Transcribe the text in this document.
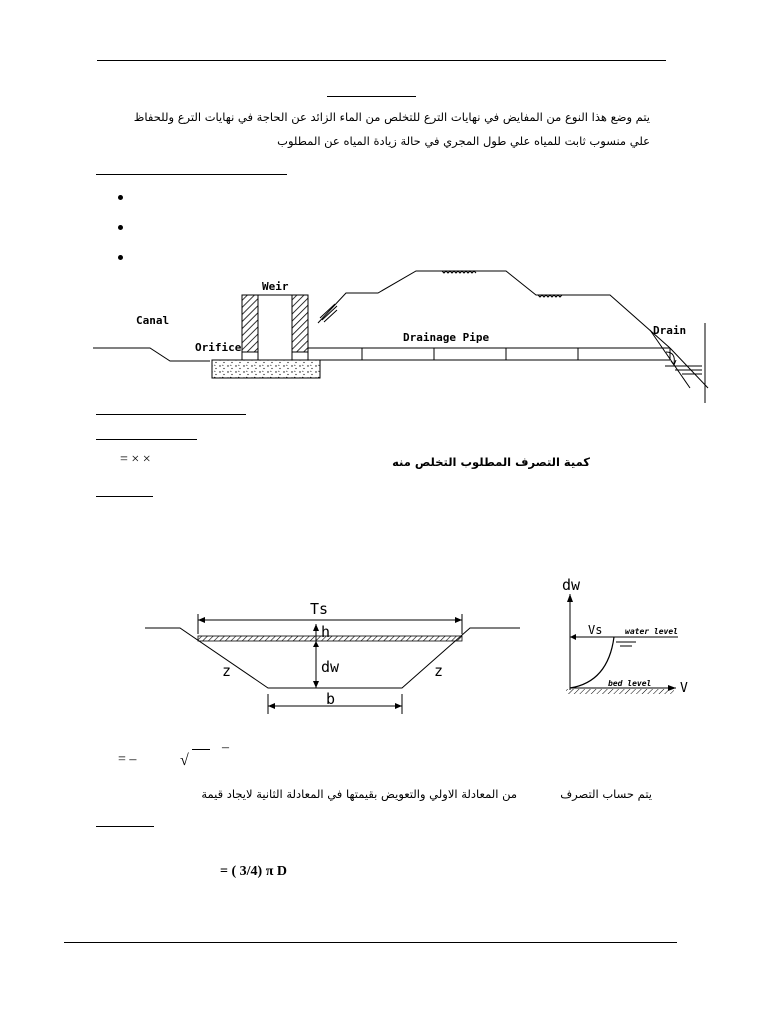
يتم وضع هذا النوع من المفايض في نهايات الترع للتخلص من الماء الزائد عن الحاجة في نهايات الترع وللحفاظ
علي منسوب ثابت للمياه علي طول المجري في حالة زيادة المياه عن المطلوب
Weir
Canal
Orifice
Drainage Pipe
Drain
= × ×	كمية التصرف المطلوب التخلص منه
Ts
h
dw
z	z
b
dw
Vs	water level
bed level V
= –	√
–
يتم حساب التصرف
من المعادلة الاولي والتعويض بقيمتها في المعادلة الثانية لايجاد قيمة
= ( 3/4) π D
